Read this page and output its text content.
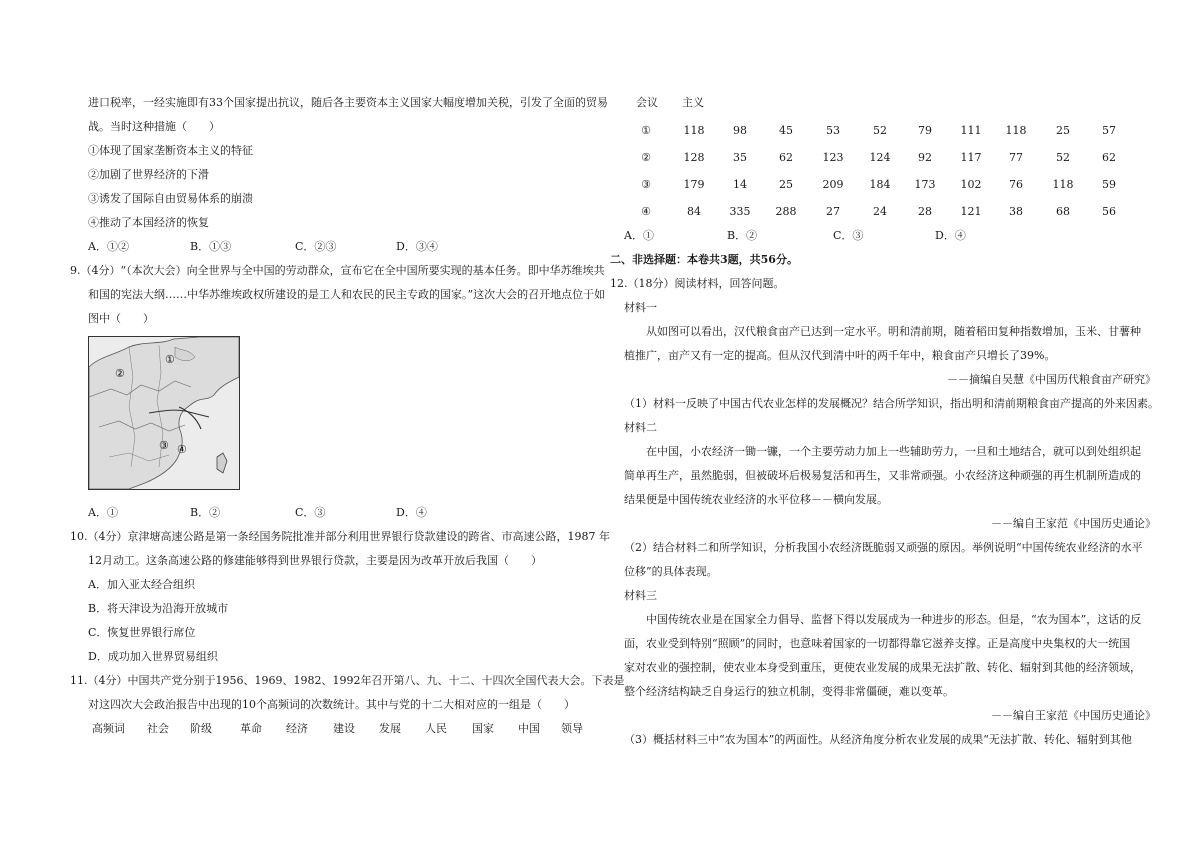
进口税率，一经实施即有33个国家提出抗议，随后各主要资本主义国家大幅度增加关税，引发了全面的贸易
战。当时这种措施（　　）
①体现了国家垄断资本主义的特征
②加剧了世界经济的下滑
③诱发了国际自由贸易体系的崩溃
④推动了本国经济的恢复
A．①②	B．①③	C．②③	D．③④
9.（4分）“（本次大会）向全世界与全中国的劳动群众，宣布它在全中国所要实现的基本任务。即中华苏维埃共
和国的宪法大纲……中华苏维埃政权所建设的是工人和农民的民主专政的国家。”这次大会的召开地点位于如
图中（　　）
①
②
③ ④
A．①	B．②	C．③	D．④
10.（4分）京津塘高速公路是第一条经国务院批准并部分利用世界银行贷款建设的跨省、市高速公路，1987 年
12月动工。这条高速公路的修建能够得到世界银行贷款，主要是因为改革开放后我国（　　）
A．加入亚太经合组织
B．将天津设为沿海开放城市
C．恢复世界银行席位
D．成功加入世界贸易组织
11.（4分）中国共产党分别于1956、1969、1982、1992年召开第八、九、十二、十四次全国代表大会。下表是
对这四次大会政治报告中出现的10个高频词的次数统计。其中与党的十二大相对应的一组是（　　）
高频词 社会 阶级	革命 经济 建设 发展 人民 国家 中国 领导
会议 主义
①	118	98	45	53	52	79	111	118	25	57
②	128	35	62	123	124	92	117	77	52	62
③	179	14	25	209	184	173	102	76	118	59
④	84	335	288	27	24	28	121	38	68	56
A．①	B．②	C．③	D．④
二、非选择题：本卷共3题，共56分。
12.（18分）阅读材料，回答问题。
材料一
从如图可以看出，汉代粮食亩产已达到一定水平。明和清前期，随着稻田复种指数增加，玉米、甘薯种
植推广，亩产又有一定的提高。但从汉代到清中叶的两千年中，粮食亩产只增长了39%。
－－摘编自吴慧《中国历代粮食亩产研究》
（1）材料一反映了中国古代农业怎样的发展概况？结合所学知识，指出明和清前期粮食亩产提高的外来因素。
材料二
在中国，小农经济一锄一镰，一个主要劳动力加上一些辅助劳力，一旦和土地结合，就可以到处组织起
简单再生产，虽然脆弱，但被破坏后极易复活和再生，又非常顽强。小农经济这种顽强的再生机制所造成的
结果便是中国传统农业经济的水平位移－－横向发展。
－－编自王家范《中国历史通论》
（2）结合材料二和所学知识，分析我国小农经济既脆弱又顽强的原因。举例说明“中国传统农业经济的水平
位移”的具体表现。
材料三
中国传统农业是在国家全力倡导、监督下得以发展成为一种进步的形态。但是，“农为国本”，这话的反
面，农业受到特别“照顾”的同时，也意味着国家的一切都得靠它滋养支撑。正是高度中央集权的大一统国
家对农业的强控制，使农业本身受到重压，更使农业发展的成果无法扩散、转化、辐射到其他的经济领域，
整个经济结构缺乏自身运行的独立机制，变得非常僵硬，难以变革。
－－编自王家范《中国历史通论》
（3）概括材料三中“农为国本”的两面性。从经济角度分析农业发展的成果“无法扩散、转化、辐射到其他
